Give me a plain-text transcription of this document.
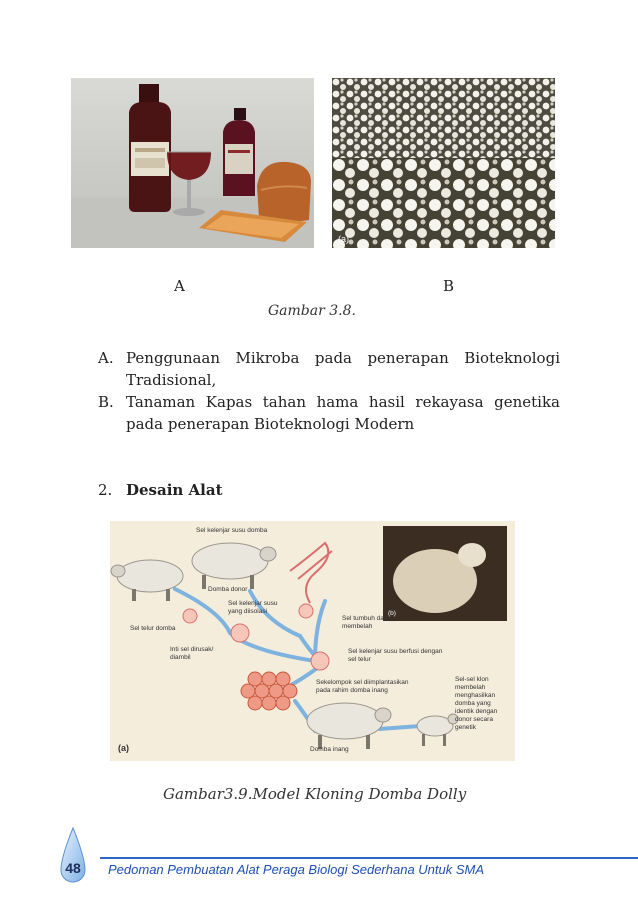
(a)
A	B
Gambar 3.8.
A. Penggunaan Mikroba pada penerapan Bioteknologi
Tradisional,
B. Tanaman Kapas tahan hama hasil rekayasa genetika
pada penerapan Bioteknologi Modern
2. Desain Alat
(b)
Sel kelenjar susu domba
Domba donor
Sel kelenjar susu
yang diisolasi
Sel telur domba
Inti sel dirusak/
diambil
Sel tumbuh dan
membelah
Sel kelenjar susu berfusi dengan
sel telur
Sekelompok sel diimplantasikan
pada rahim domba inang
Domba inang
Sel-sel klon
membelah
menghasilkan
domba yang
identik dengan
donor secara
genetik
(a)
Gambar3.9.Model Kloning Domba Dolly
48 Pedoman Pembuatan Alat Peraga Biologi Sederhana Untuk SMA
